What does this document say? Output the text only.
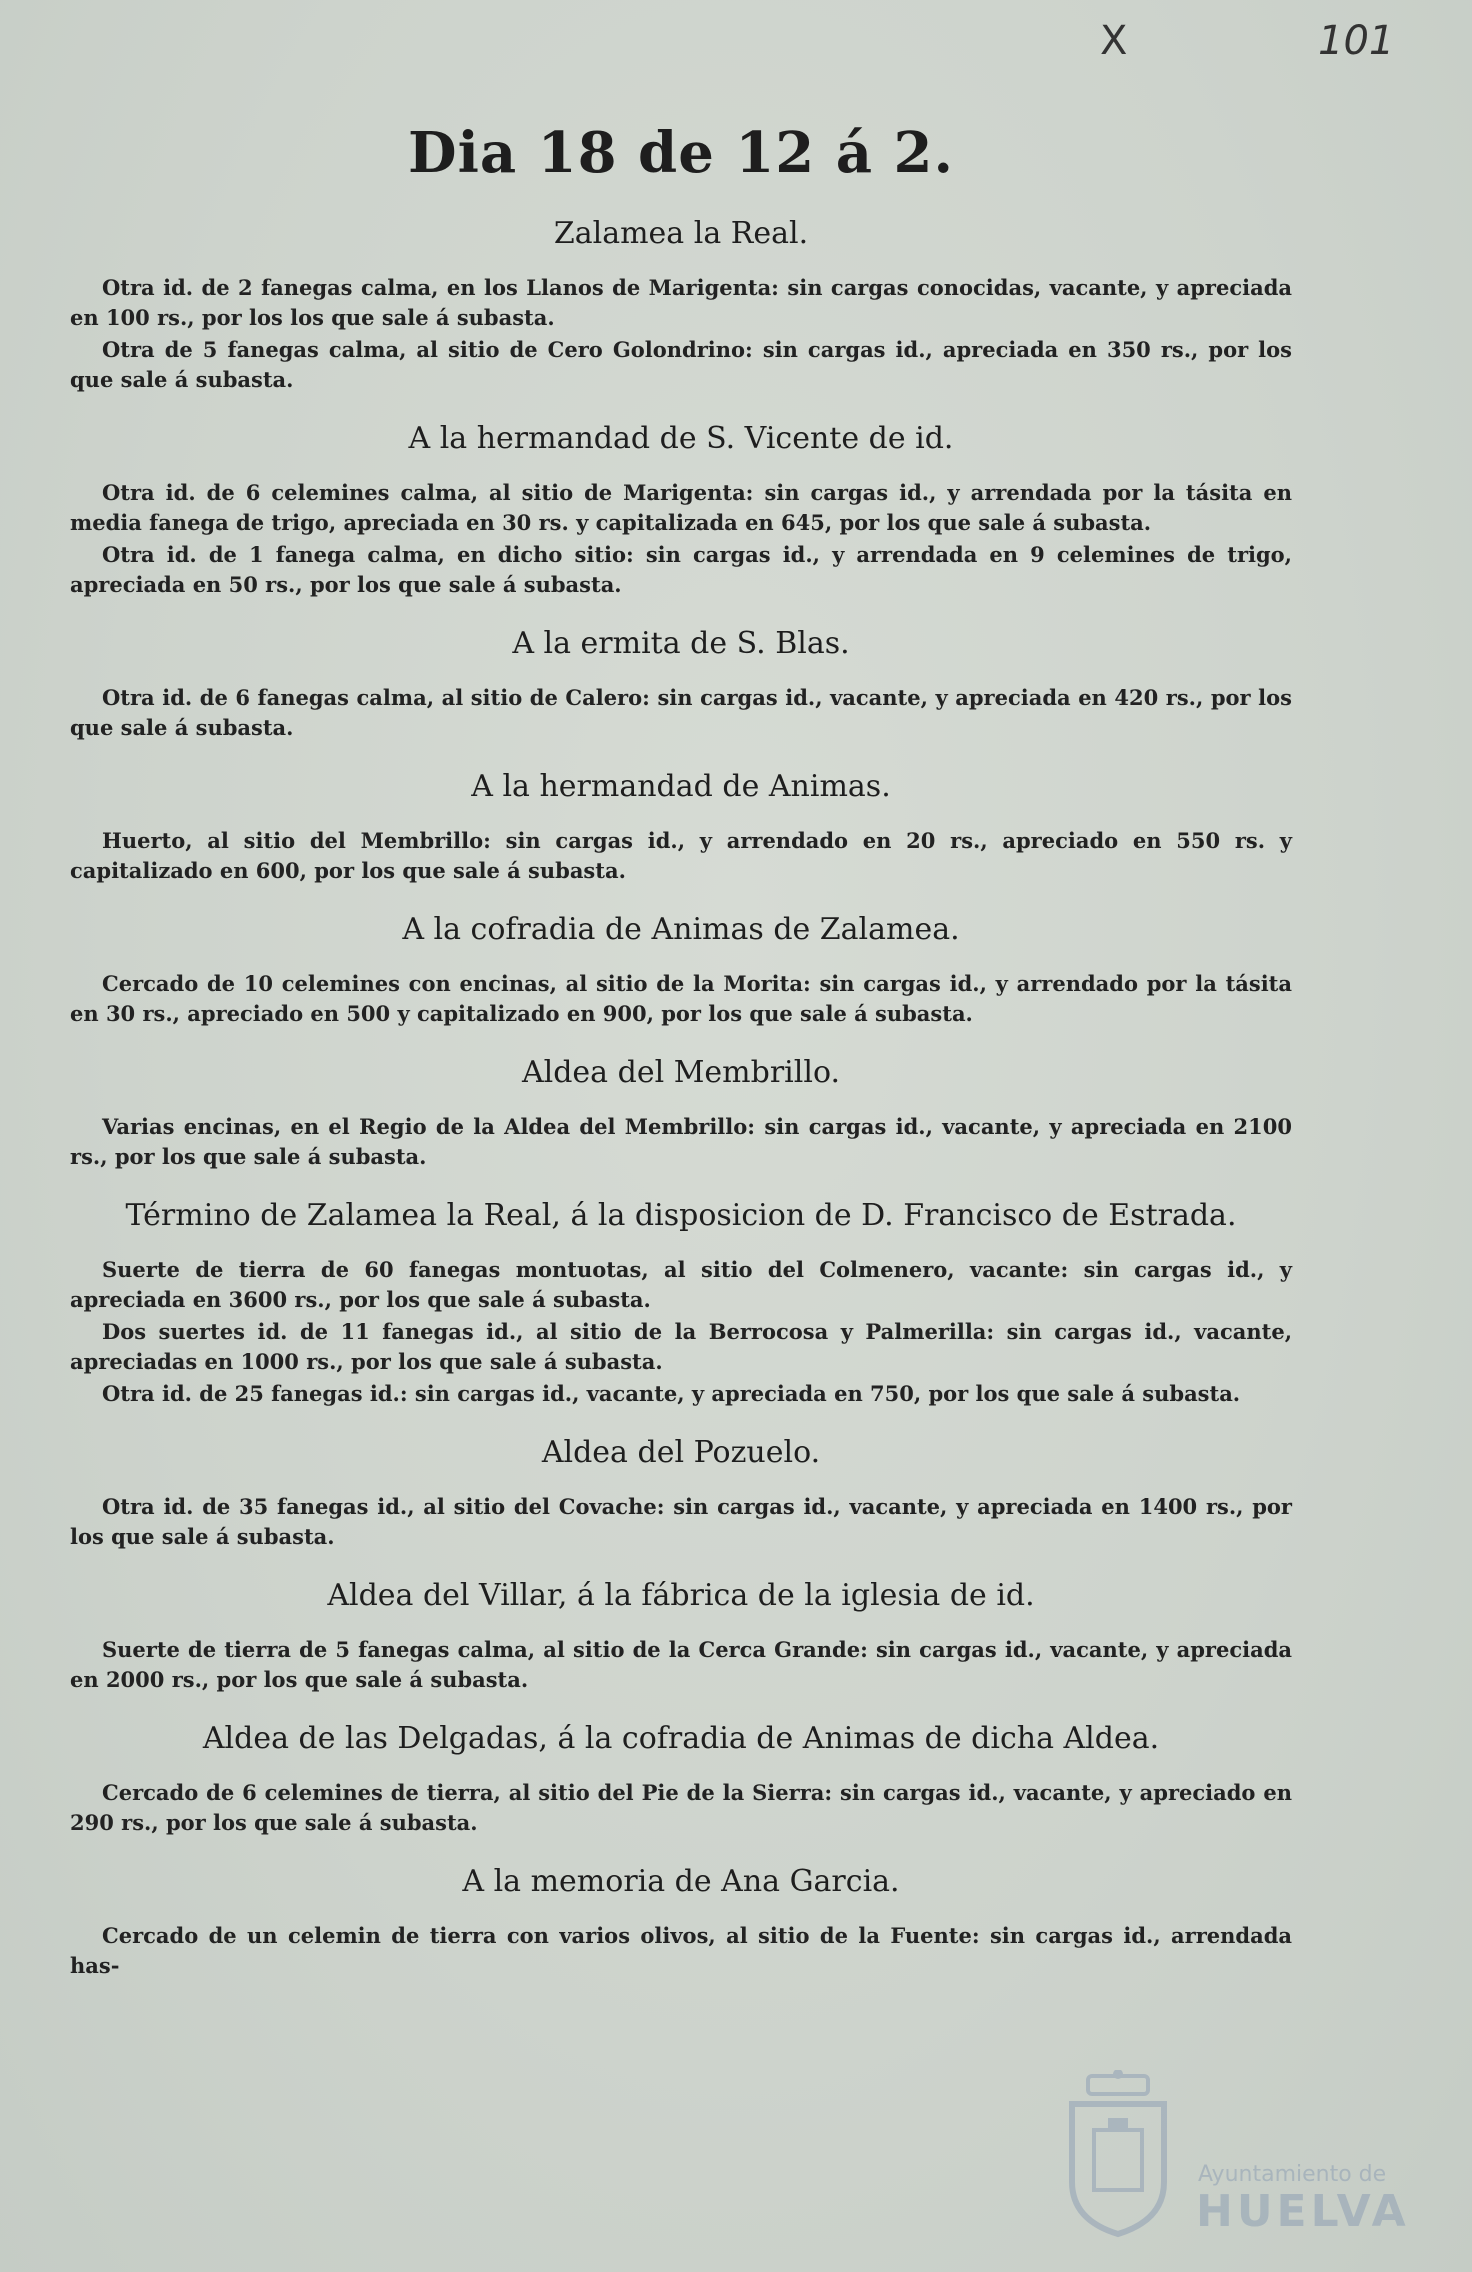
X	101
Dia 18 de 12 á 2.
Zalamea la Real.

Otra id. de 2 fanegas calma, en los Llanos de Marigenta: sin cargas conocidas, vacante, y apreciada en 100 rs., por los los que sale á subasta.

Otra de 5 fanegas calma, al sitio de Cero Golondrino: sin cargas id., apreciada en 350 rs., por los que sale á subasta.

A la hermandad de S. Vicente de id.

Otra id. de 6 celemines calma, al sitio de Marigenta: sin cargas id., y arrendada por la tásita en media fanega de trigo, apreciada en 30 rs. y capitalizada en 645, por los que sale á subasta.

Otra id. de 1 fanega calma, en dicho sitio: sin cargas id., y arrendada en 9 celemines de trigo, apreciada en 50 rs., por los que sale á subasta.

A la ermita de S. Blas.

Otra id. de 6 fanegas calma, al sitio de Calero: sin cargas id., vacante, y apreciada en 420 rs., por los que sale á subasta.

A la hermandad de Animas.

Huerto, al sitio del Membrillo: sin cargas id., y arrendado en 20 rs., apreciado en 550 rs. y capitalizado en 600, por los que sale á subasta.

A la cofradia de Animas de Zalamea.

Cercado de 10 celemines con encinas, al sitio de la Morita: sin cargas id., y arrendado por la tásita en 30 rs., apreciado en 500 y capitalizado en 900, por los que sale á subasta.

Aldea del Membrillo.

Varias encinas, en el Regio de la Aldea del Membrillo: sin cargas id., vacante, y apreciada en 2100 rs., por los que sale á subasta.

Término de Zalamea la Real, á la disposicion de D. Francisco de Estrada.

Suerte de tierra de 60 fanegas montuotas, al sitio del Colmenero, vacante: sin cargas id., y apreciada en 3600 rs., por los que sale á subasta.

Dos suertes id. de 11 fanegas id., al sitio de la Berrocosa y Palmerilla: sin cargas id., vacante, apreciadas en 1000 rs., por los que sale á subasta.

Otra id. de 25 fanegas id.: sin cargas id., vacante, y apreciada en 750, por los que sale á subasta.

Aldea del Pozuelo.

Otra id. de 35 fanegas id., al sitio del Covache: sin cargas id., vacante, y apreciada en 1400 rs., por los que sale á subasta.

Aldea del Villar, á la fábrica de la iglesia de id.

Suerte de tierra de 5 fanegas calma, al sitio de la Cerca Grande: sin cargas id., vacante, y apreciada en 2000 rs., por los que sale á subasta.

Aldea de las Delgadas, á la cofradia de Animas de dicha Aldea.

Cercado de 6 celemines de tierra, al sitio del Pie de la Sierra: sin cargas id., vacante, y apreciado en 290 rs., por los que sale á subasta.

A la memoria de Ana Garcia.

Cercado de un celemin de tierra con varios olivos, al sitio de la Fuente: sin cargas id., arrendada has-

Ayuntamiento de
HUELVA
